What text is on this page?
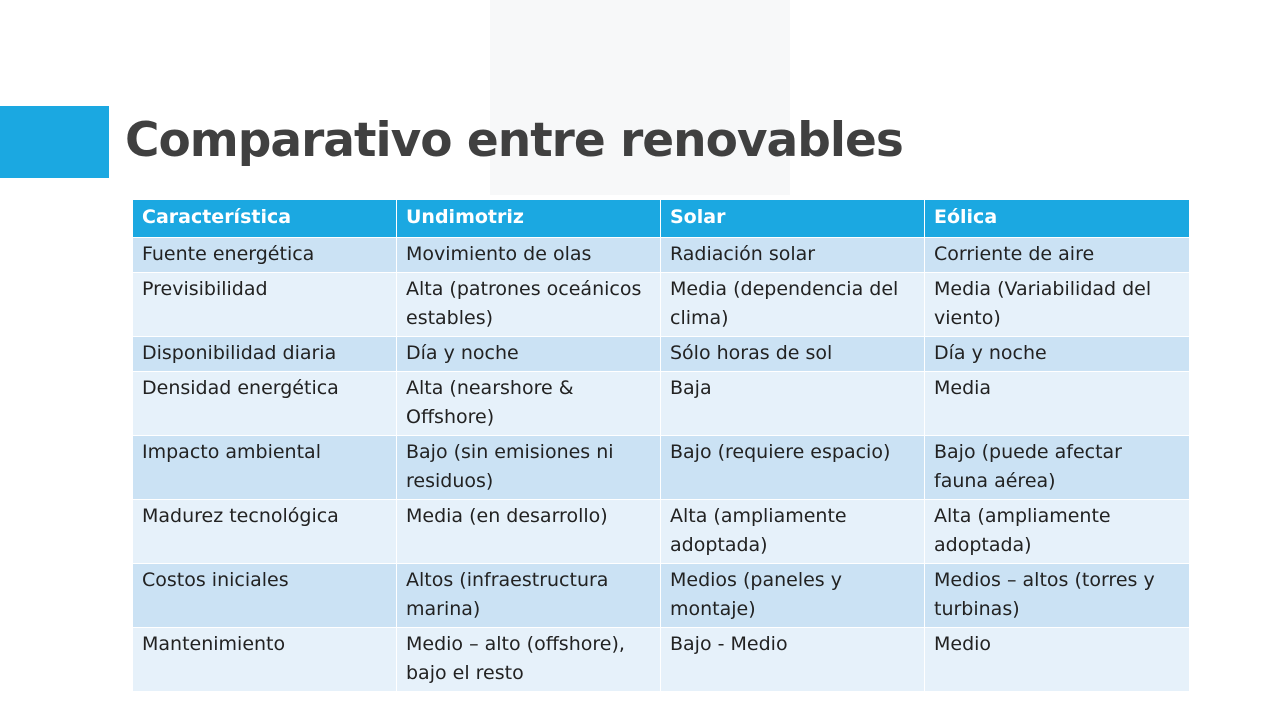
Comparativo entre renovables
Característica	Undimotriz	Solar	Eólica
Fuente energética	Movimiento de olas	Radiación solar	Corriente de aire
Previsibilidad	Alta (patrones oceánicos estables)	Media (dependencia del clima)	Media (Variabilidad del viento)
Disponibilidad diaria	Día y noche	Sólo horas de sol	Día y noche
Densidad energética	Alta (nearshore & Offshore)	Baja	Media
Impacto ambiental	Bajo (sin emisiones ni residuos)	Bajo (requiere espacio)	Bajo (puede afectar fauna aérea)
Madurez tecnológica	Media (en desarrollo)	Alta (ampliamente adoptada)	Alta (ampliamente adoptada)
Costos iniciales	Altos (infraestructura marina)	Medios (paneles y montaje)	Medios – altos (torres y turbinas)
Mantenimiento	Medio – alto (offshore), bajo el resto	Bajo - Medio	Medio
